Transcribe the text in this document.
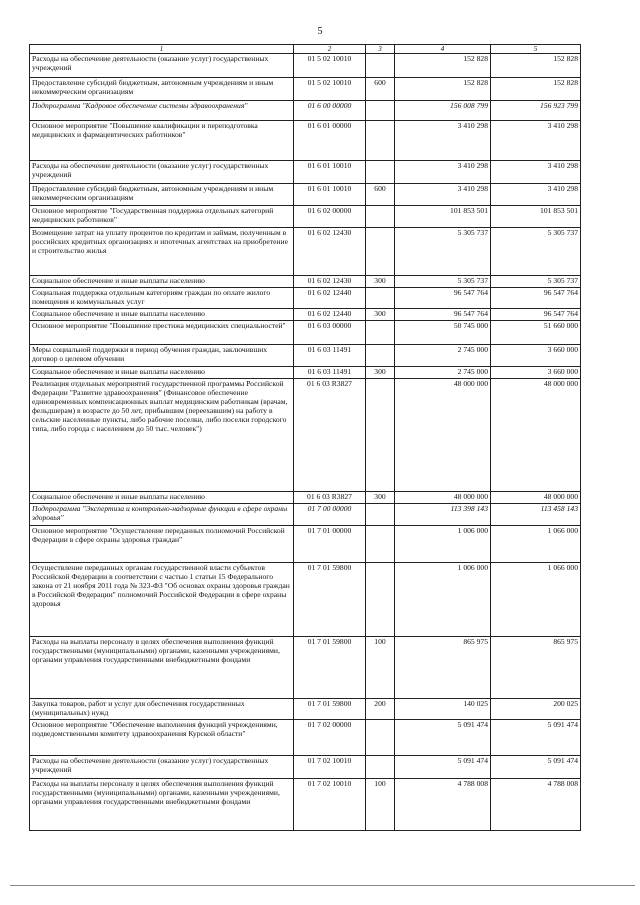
5
1	2	3	4	5
Расходы на обеспечение деятельности (оказание услуг) государственных учреждений	01 5 02 10010		152 828	152 828
Предоставление субсидий бюджетным, автономным учреждениям и иным некоммерческим организациям	01 5 02 10010	600	152 828	152 828
Подпрограмма "Кадровое обеспечение системы здравоохранения"	01 6 00 00000		156 008 799	156 923 799
Основное мероприятие "Повышение квалификации и переподготовка медицинских и фармацевтических работников"	01 6 01 00000		3 410 298	3 410 298
Расходы на обеспечение деятельности (оказание услуг) государственных учреждений	01 6 01 10010		3 410 298	3 410 298
Предоставление субсидий бюджетным, автономным учреждениям и иным некоммерческим организациям	01 6 01 10010	600	3 410 298	3 410 298
Основное мероприятие "Государственная поддержка отдельных категорий медицинских работников"	01 6 02 00000		101 853 501	101 853 501
Возмещение затрат на уплату процентов по кредитам и займам, полученным в российских кредитных организациях и ипотечных агентствах на приобретение и строительство жилья	01 6 02 12430		5 305 737	5 305 737
Социальное обеспечение и иные выплаты населению	01 6 02 12430	300	5 305 737	5 305 737
Социальная поддержка отдельным категориям граждан по оплате жилого помещения и коммунальных услуг	01 6 02 12440		96 547 764	96 547 764
Социальное обеспечение и иные выплаты населению	01 6 02 12440	300	96 547 764	96 547 764
Основное мероприятие "Повышение престижа медицинских специальностей"	01 6 03 00000		50 745 000	51 660 000
Меры социальной поддержки в период обучения граждан, заключивших договор о целевом обучении	01 6 03 11491		2 745 000	3 660 000
Социальное обеспечение и иные выплаты населению	01 6 03 11491	300	2 745 000	3 660 000
Реализация отдельных мероприятий государственной программы Российской Федерации "Развитие здравоохранения" (Финансовое обеспечение единовременных компенсационных выплат медицинским работникам (врачам, фельдшерам) в возрасте до 50 лет, прибывшим (переехавшим) на работу в сельские населенные пункты, либо рабочие поселки, либо поселки городского типа, либо города с населением до 50 тыс. человек")	01 6 03 R3827		48 000 000	48 000 000
Социальное обеспечение и иные выплаты населению	01 6 03 R3827	300	48 000 000	48 000 000
Подпрограмма "Экспертиза и контрольно-надзорные функции в сфере охраны здоровья"	01 7 00 00000		113 398 143	113 458 143
Основное мероприятие "Осуществление переданных полномочий Российской Федерации в сфере охраны здоровья граждан"	01 7 01 00000		1 006 000	1 066 000
Осуществление переданных органам государственной власти субъектов Российской Федерации в соответствии с частью 1 статьи 15 Федерального закона от 21 ноября 2011 года № 323-ФЗ "Об основах охраны здоровья граждан в Российской Федерации" полномочий Российской Федерации в сфере охраны здоровья	01 7 01 59800		1 006 000	1 066 000
Расходы на выплаты персоналу в целях обеспечения выполнения функций государственными (муниципальными) органами, казенными учреждениями, органами управления государственными внебюджетными фондами	01 7 01 59800	100	865 975	865 975
Закупка товаров, работ и услуг для обеспечения государственных (муниципальных) нужд	01 7 01 59800	200	140 025	200 025
Основное мероприятие "Обеспечение выполнения функций учреждениями, подведомственными комитету здравоохранения Курской области"	01 7 02 00000		5 091 474	5 091 474
Расходы на обеспечение деятельности (оказание услуг) государственных учреждений	01 7 02 10010		5 091 474	5 091 474
Расходы на выплаты персоналу в целях обеспечения выполнения функций государственными (муниципальными) органами, казенными учреждениями, органами управления государственными внебюджетными фондами	01 7 02 10010	100	4 788 008	4 788 008
